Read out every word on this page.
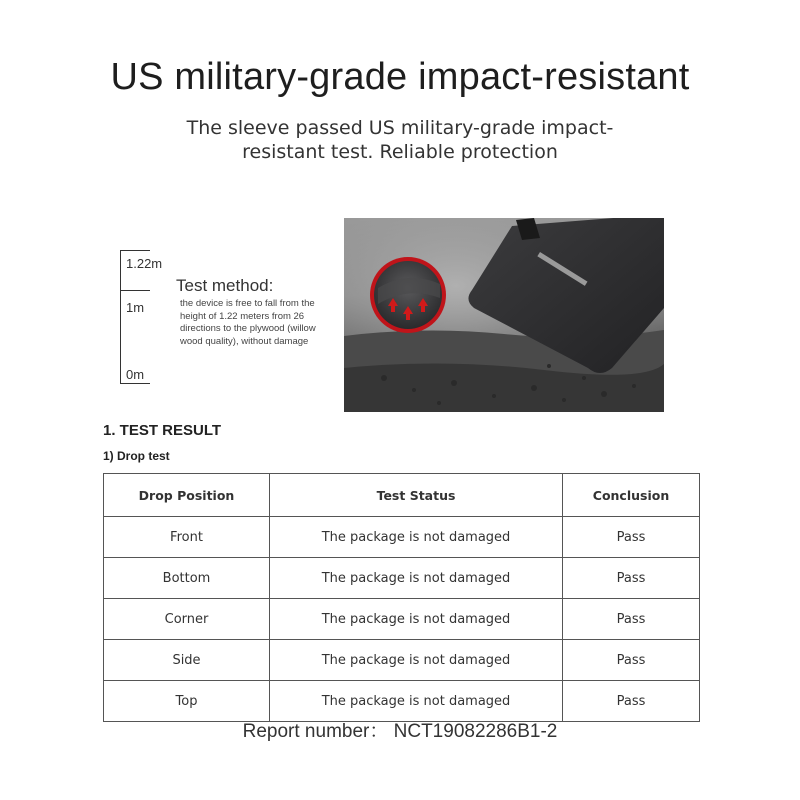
US military-grade impact-resistant
The sleeve passed US military-grade impact-resistant test. Reliable protection
1.22m
1m
0m
Test method:
the device is free to fall from the height of 1.22 meters from 26 directions to the plywood (willow wood quality), without damage
1. TEST RESULT
1) Drop test
Drop Position	Test Status	Conclusion
Front	The package is not damaged	Pass
Bottom	The package is not damaged	Pass
Corner	The package is not damaged	Pass
Side	The package is not damaged	Pass
Top	The package is not damaged	Pass
Report number： NCT19082286B1-2
